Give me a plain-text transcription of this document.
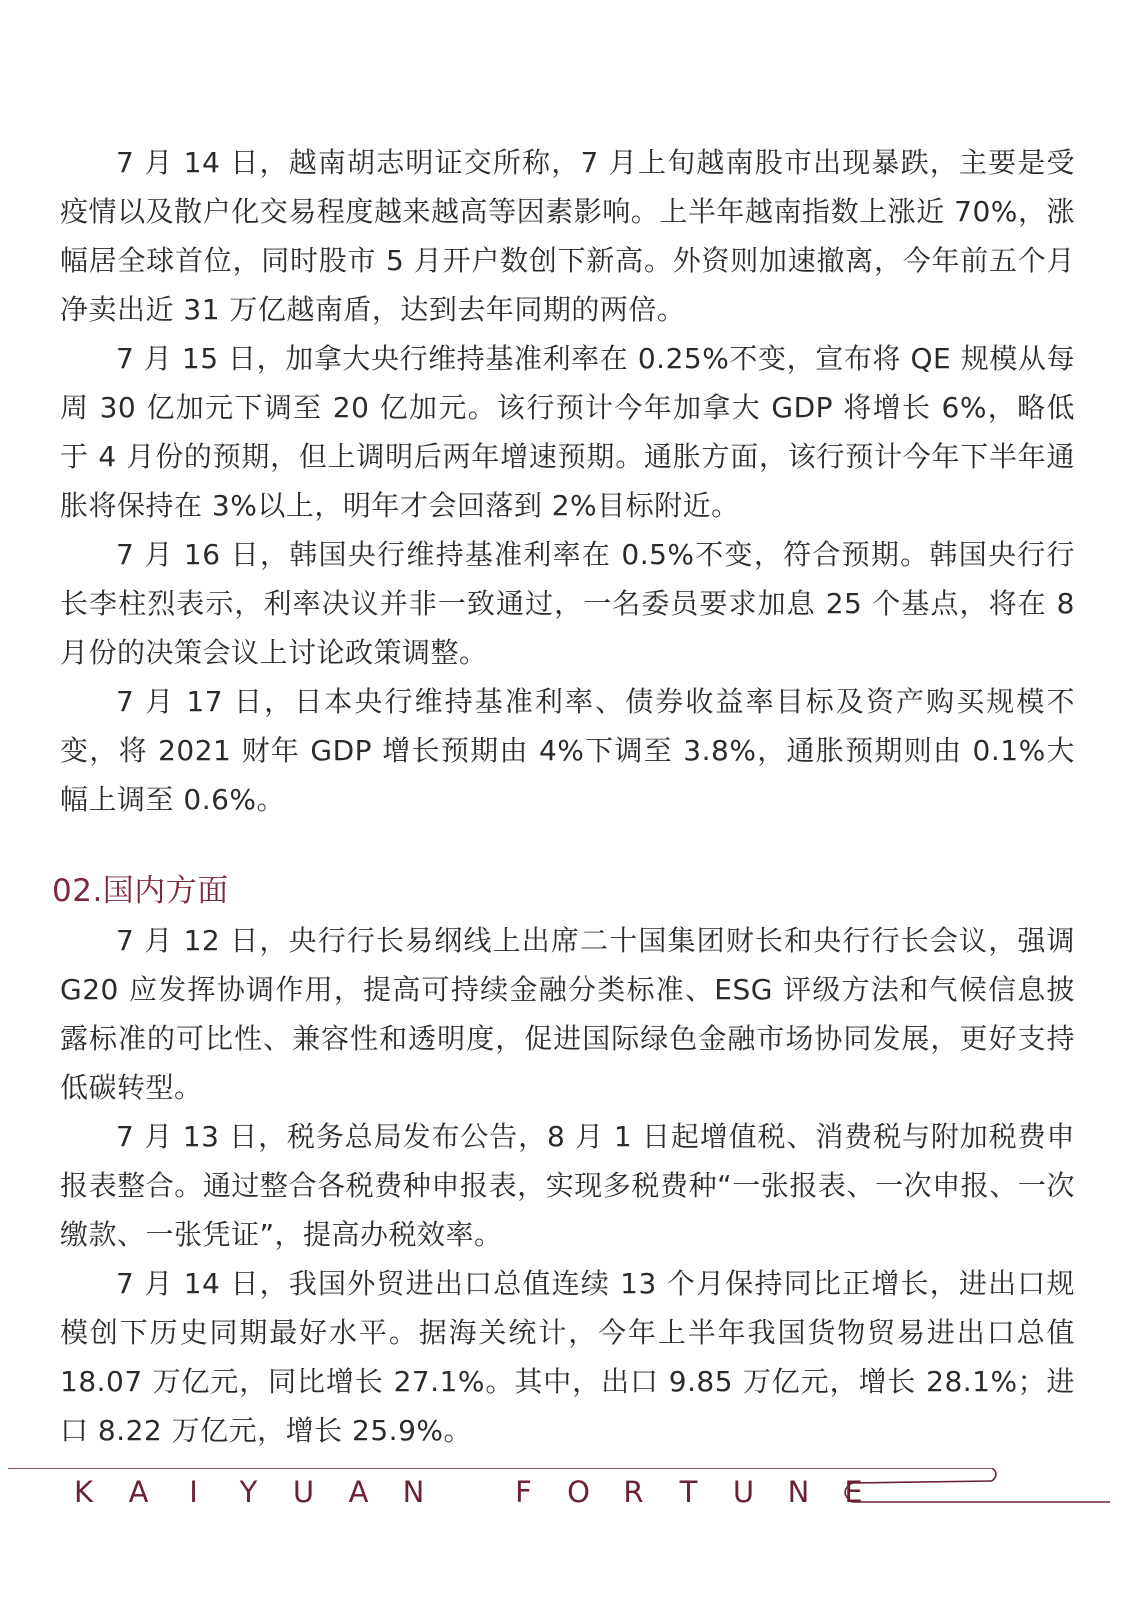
7 月 14 日，越南胡志明证交所称，7 月上旬越南股市出现暴跌，主要是受疫情以及散户化交易程度越来越高等因素影响。上半年越南指数上涨近 70%，涨幅居全球首位，同时股市 5 月开户数创下新高。外资则加速撤离，今年前五个月净卖出近 31 万亿越南盾，达到去年同期的两倍。

7 月 15 日，加拿大央行维持基准利率在 0.25%不变，宣布将 QE 规模从每周 30 亿加元下调至 20 亿加元。该行预计今年加拿大 GDP 将增长 6%，略低于 4 月份的预期，但上调明后两年增速预期。通胀方面，该行预计今年下半年通胀将保持在 3%以上，明年才会回落到 2%目标附近。

7 月 16 日，韩国央行维持基准利率在 0.5%不变，符合预期。韩国央行行长李柱烈表示，利率决议并非一致通过，一名委员要求加息 25 个基点，将在 8 月份的决策会议上讨论政策调整。

7 月 17 日，日本央行维持基准利率、债券收益率目标及资产购买规模不变，将 2021 财年 GDP 增长预期由 4%下调至 3.8%，通胀预期则由 0.1%大幅上调至 0.6%。

02.国内方面

7 月 12 日，央行行长易纲线上出席二十国集团财长和央行行长会议，强调 G20 应发挥协调作用，提高可持续金融分类标准、ESG 评级方法和气候信息披露标准的可比性、兼容性和透明度，促进国际绿色金融市场协同发展，更好支持低碳转型。

7 月 13 日，税务总局发布公告，8 月 1 日起增值税、消费税与附加税费申报表整合。通过整合各税费种申报表，实现多税费种“一张报表、一次申报、一次缴款、一张凭证”，提高办税效率。

7 月 14 日，我国外贸进出口总值连续 13 个月保持同比正增长，进出口规模创下历史同期最好水平。据海关统计，今年上半年我国货物贸易进出口总值 18.07 万亿元，同比增长 27.1%。其中，出口 9.85 万亿元，增长 28.1%；进口 8.22 万亿元，增长 25.9%。

K	A	I	Y	U	A	N	F	O	R	T	U	N	E
